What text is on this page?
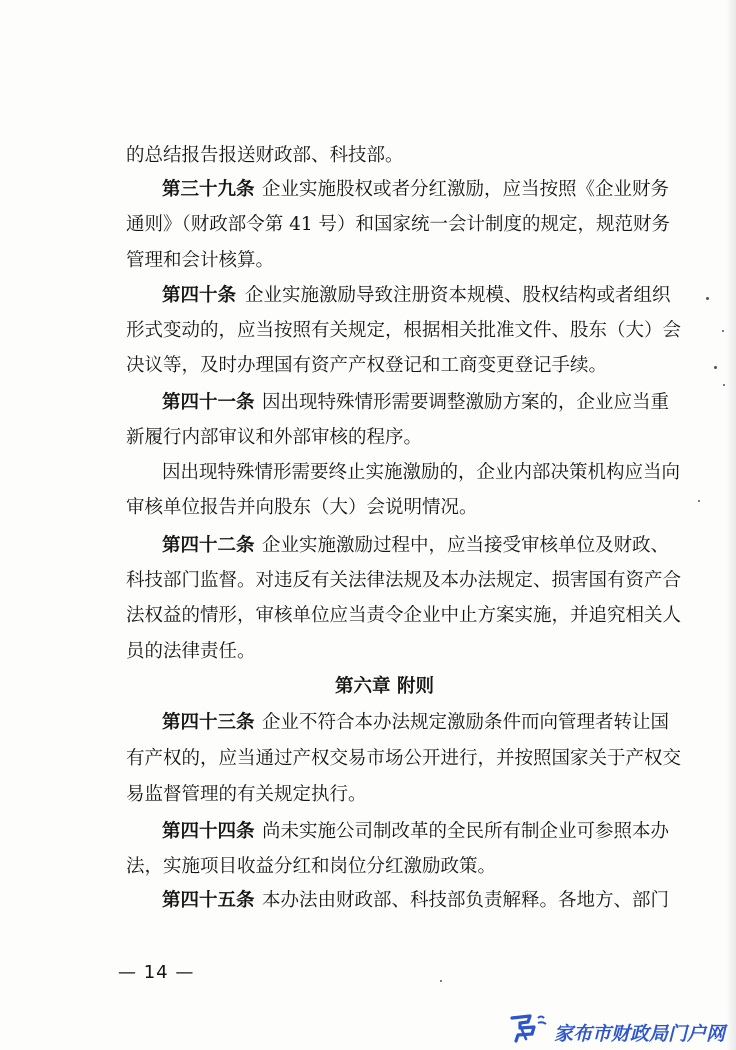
的总结报告报送财政部、科技部。
第三十九条 企业实施股权或者分红激励，应当按照《企业财务
通则》（财政部令第 41 号）和国家统一会计制度的规定，规范财务
管理和会计核算。
第四十条 企业实施激励导致注册资本规模、股权结构或者组织
形式变动的，应当按照有关规定，根据相关批准文件、股东（大）会
决议等，及时办理国有资产产权登记和工商变更登记手续。
第四十一条 因出现特殊情形需要调整激励方案的，企业应当重
新履行内部审议和外部审核的程序。
因出现特殊情形需要终止实施激励的，企业内部决策机构应当向
审核单位报告并向股东（大）会说明情况。
第四十二条 企业实施激励过程中，应当接受审核单位及财政、
科技部门监督。对违反有关法律法规及本办法规定、损害国有资产合
法权益的情形，审核单位应当责令企业中止方案实施，并追究相关人
员的法律责任。
第六章 附则
第四十三条 企业不符合本办法规定激励条件而向管理者转让国
有产权的，应当通过产权交易市场公开进行，并按照国家关于产权交
易监督管理的有关规定执行。
第四十四条 尚未实施公司制改革的全民所有制企业可参照本办
法，实施项目收益分红和岗位分红激励政策。
第四十五条 本办法由财政部、科技部负责解释。各地方、部门
— 14 —
家布市财政局门户网
